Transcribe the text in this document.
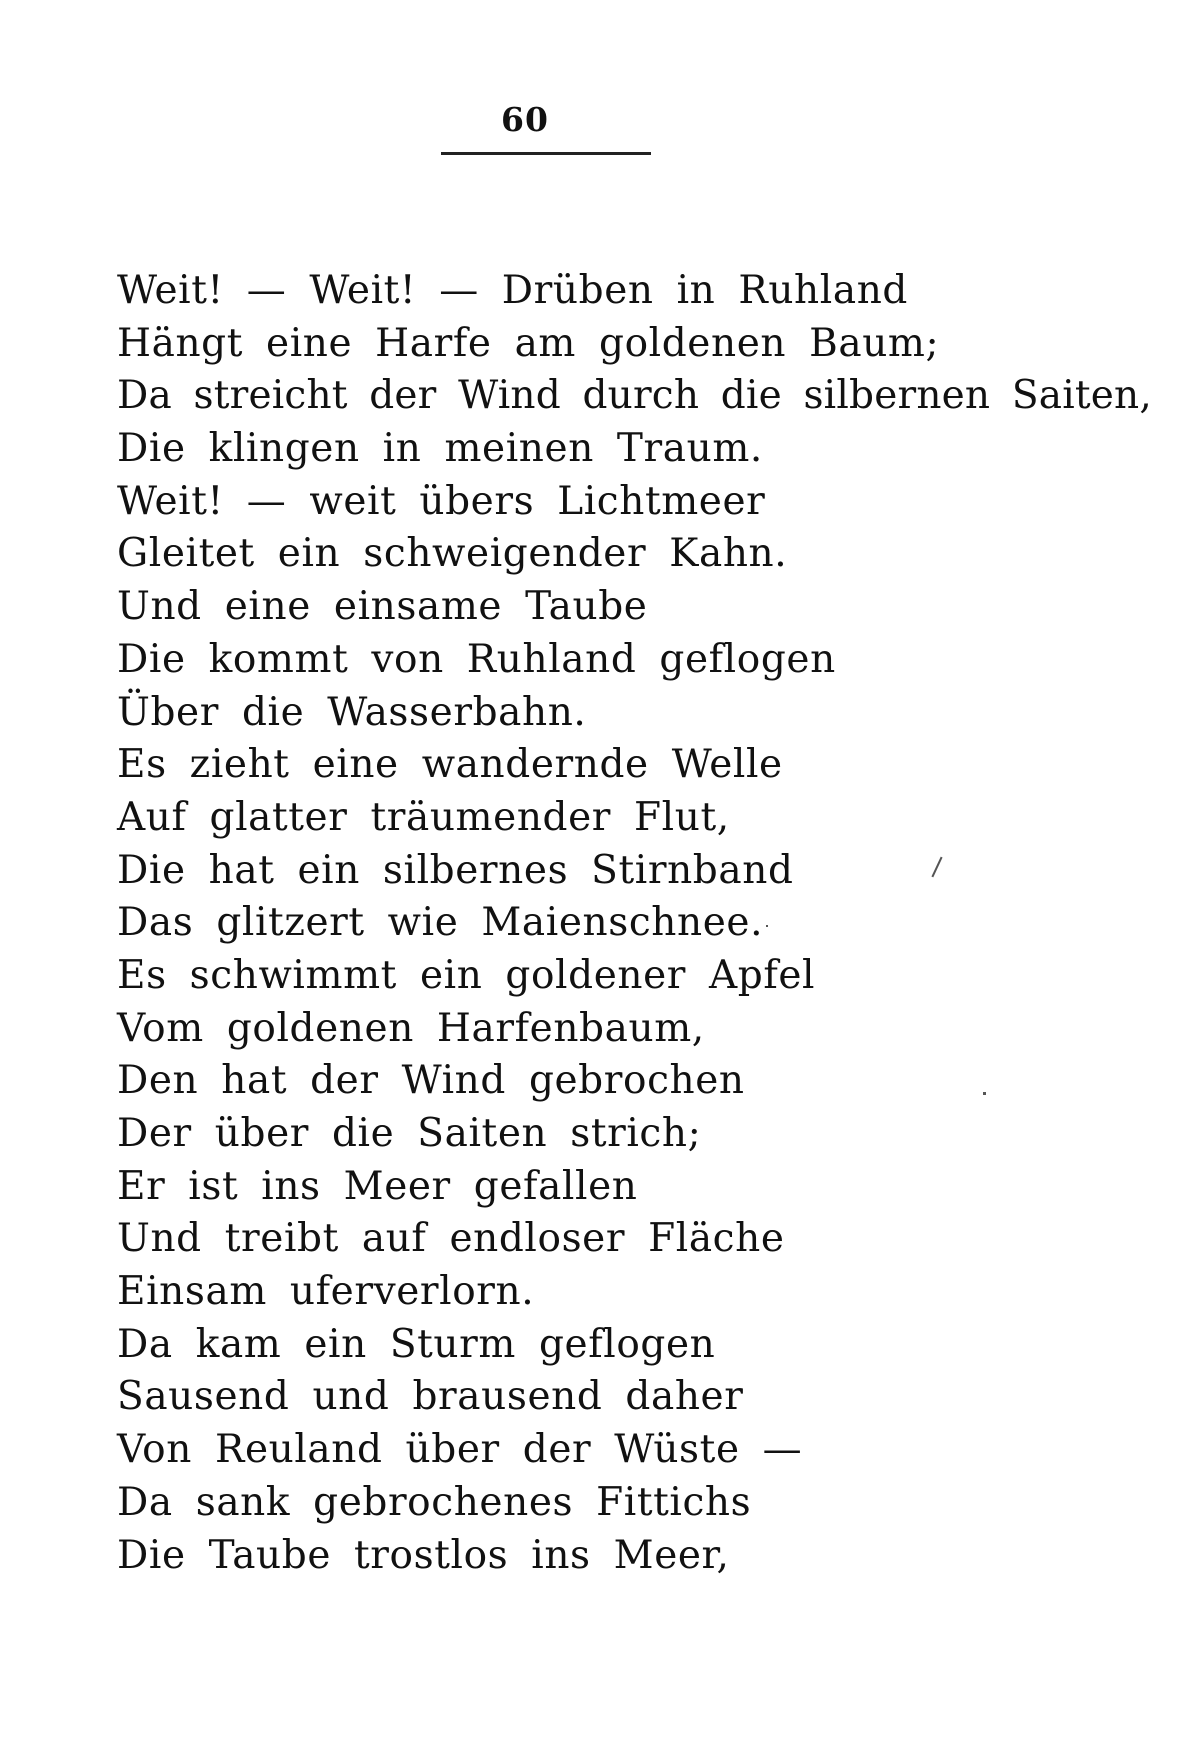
60
Weit! — Weit! — Drüben in Ruhland
Hängt eine Harfe am goldenen Baum;
Da streicht der Wind durch die silbernen Saiten,
Die klingen in meinen Traum.
Weit! — weit übers Lichtmeer
Gleitet ein schweigender Kahn.
Und eine einsame Taube
Die kommt von Ruhland geflogen
Über die Wasserbahn.
Es zieht eine wandernde Welle
Auf glatter träumender Flut,
Die hat ein silbernes Stirnband
Das glitzert wie Maienschnee.
Es schwimmt ein goldener Apfel
Vom goldenen Harfenbaum,
Den hat der Wind gebrochen
Der über die Saiten strich;
Er ist ins Meer gefallen
Und treibt auf endloser Fläche
Einsam uferverlorn.
Da kam ein Sturm geflogen
Sausend und brausend daher
Von Reuland über der Wüste —
Da sank gebrochenes Fittichs
Die Taube trostlos ins Meer,
